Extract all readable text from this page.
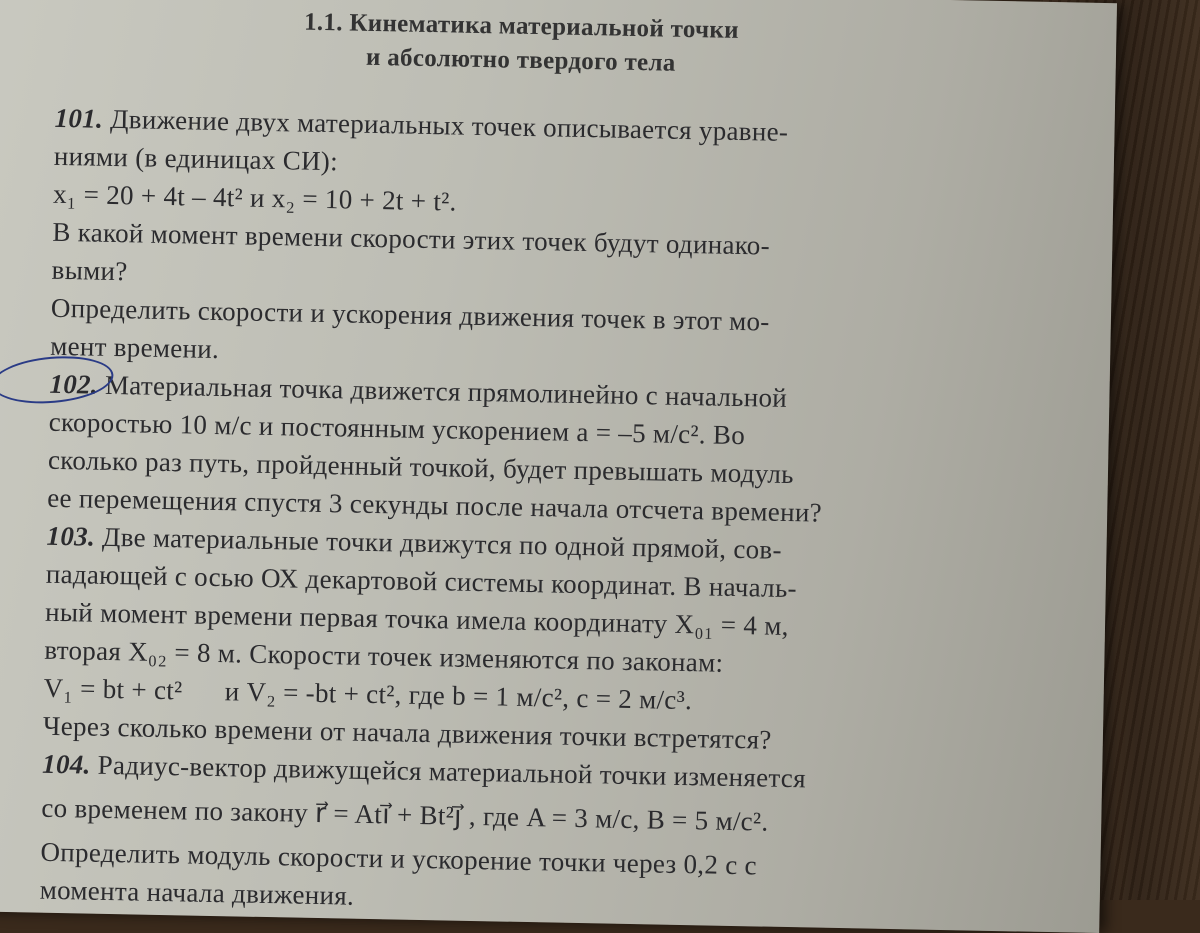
1.1. Кинематика материальной точки
и абсолютно твердого тела
101. Движение двух материальных точек описывается уравне-
ниями (в единицах СИ):
x₁ = 20 + 4t – 4t² и x₂ = 10 + 2t + t².
В какой момент времени скорости этих точек будут одинако-
выми?
Определить скорости и ускорения движения точек в этот мо-
мент времени.
102. Материальная точка движется прямолинейно с начальной
скоростью 10 м/с и постоянным ускорением a = –5 м/с². Во
сколько раз путь, пройденный точкой, будет превышать модуль
ее перемещения спустя 3 секунды после начала отсчета времени?
103. Две материальные точки движутся по одной прямой, сов-
падающей с осью ОХ декартовой системы координат. В началь-
ный момент времени первая точка имела координату X₀₁ = 4 м,
вторая X₀₂ = 8 м. Скорости точек изменяются по законам:
V₁ = bt + ct²      и V₂ = -bt + ct², где b = 1 м/с², с = 2 м/с³.
Через сколько времени от начала движения точки встретятся?
104. Радиус-вектор движущейся материальной точки изменяется
со временем по закону r⃗ = Ati⃗ + Bt²j⃗ , где A = 3 м/с, B = 5 м/с².
Определить модуль скорости и ускорение точки через 0,2 с с
момента начала движения.
